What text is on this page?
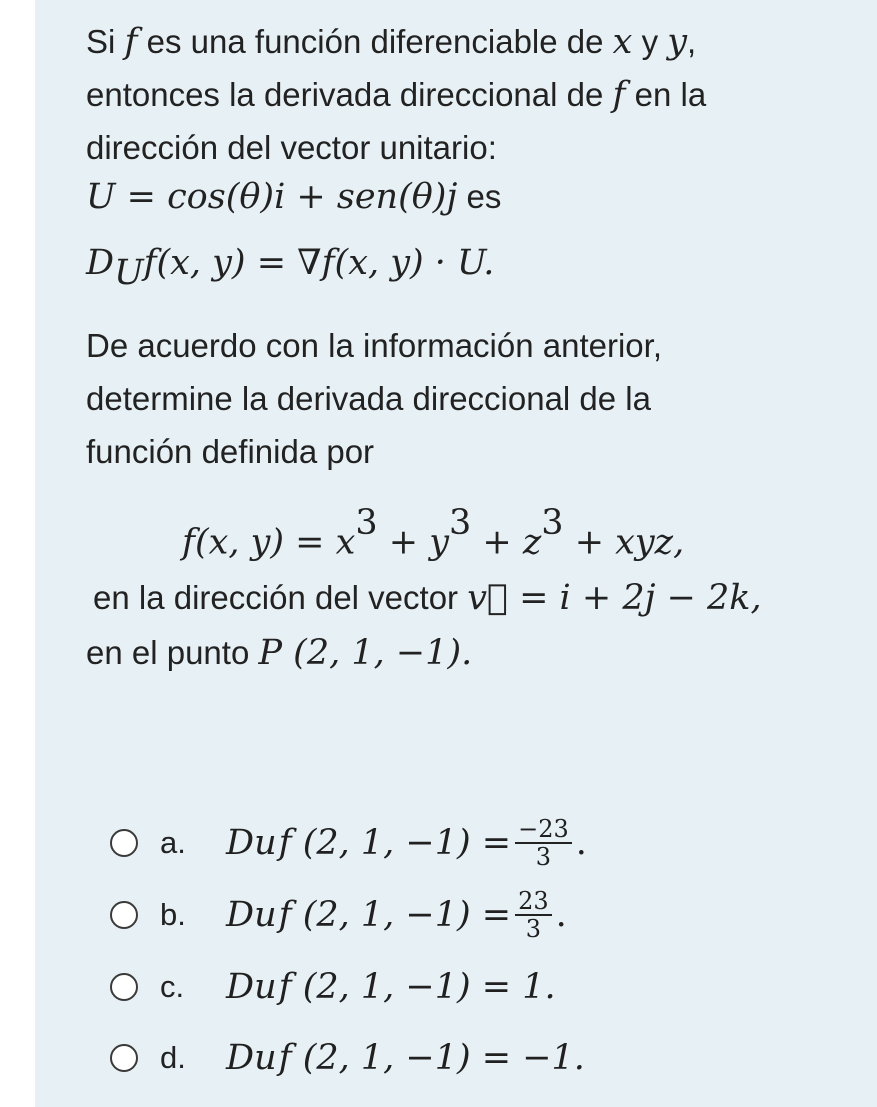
Si f es una función diferenciable de x y y,
entonces la derivada direccional de f en la
dirección del vector unitario:
U = cos(θ)i + sen(θ)j es
$D_Uf(x$, y) = ∇f(x, y) · U.
De acuerdo con la información anterior,
determine la derivada direccional de la
función definida por
f(x, $y) = x^3 + y^3 + z^3$ + xyz,
en la dirección del vector v⃗ = i + 2j − 2k,
en el punto P (2, 1, −1).
a.	D u f (2, 1, $-1) = \frac{-23}{3}$ .
b.	D u f (2, 1, $-1) = \frac{23}{3}$ .
c.	D u f (2, 1, −1) = 1.
d.	D u f (2, 1, −1) = −1.
